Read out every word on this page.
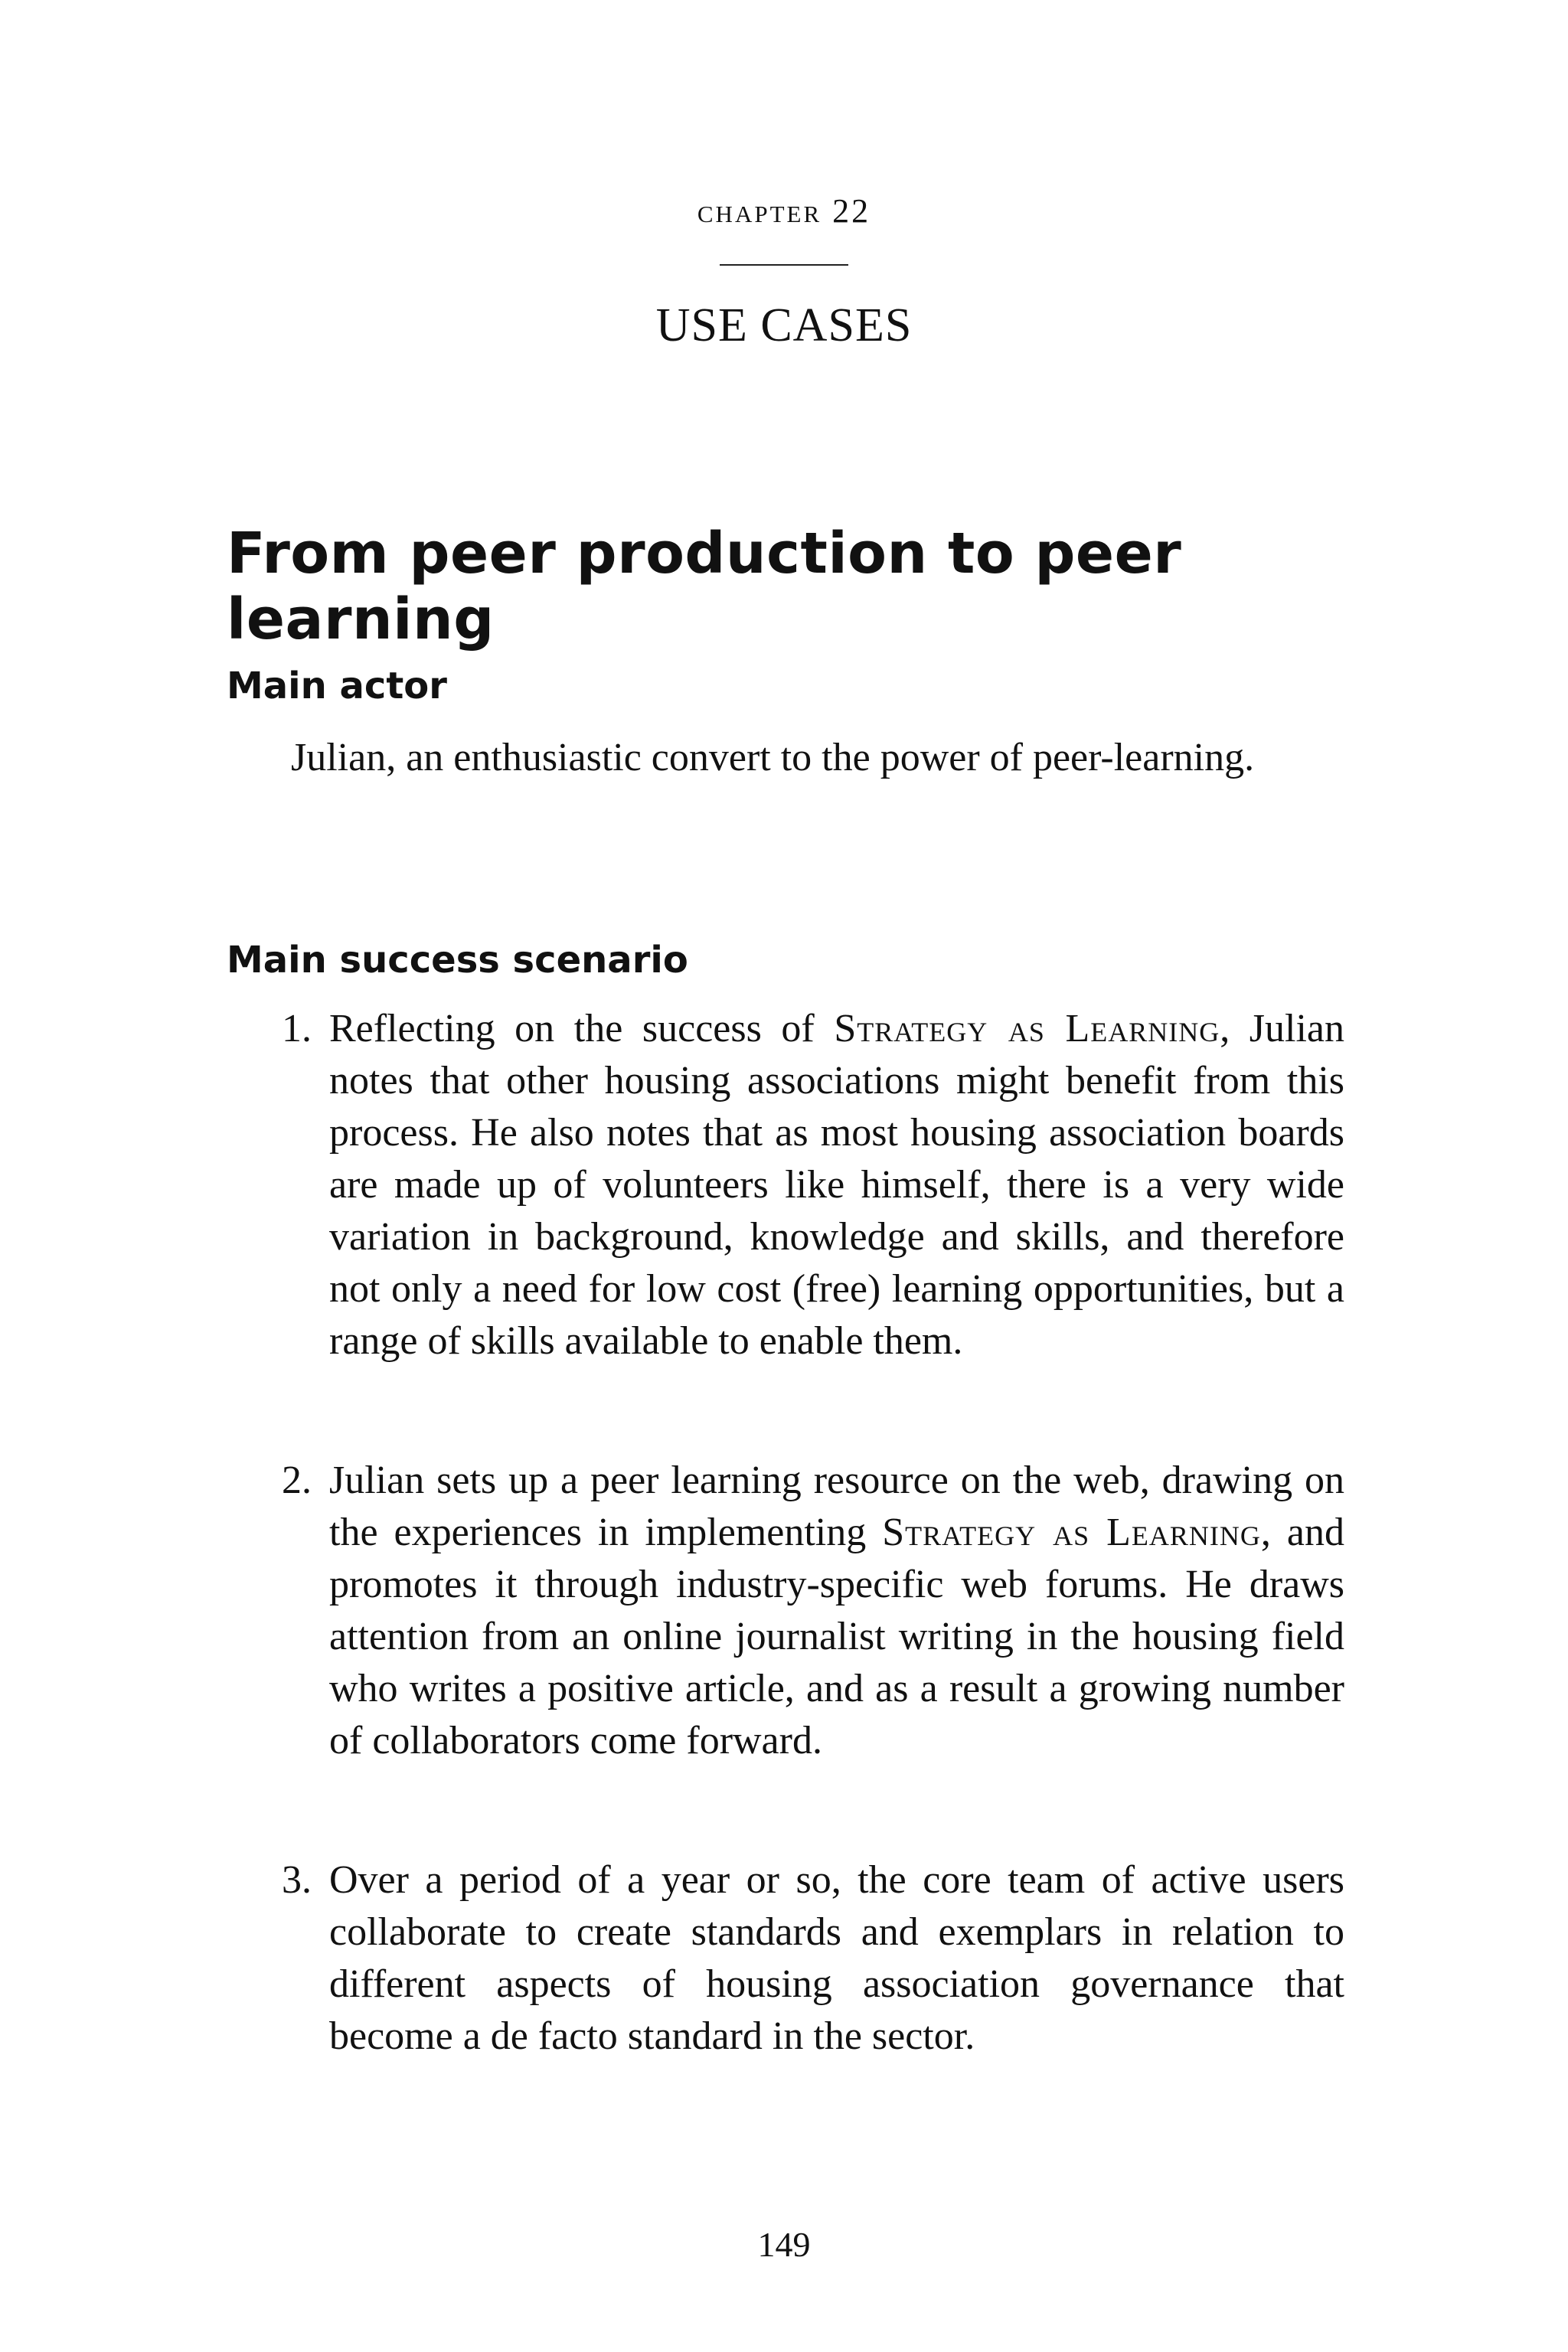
chapter 22
USE CASES
From peer production to peer learning
Main actor
Julian, an enthusiastic convert to the power of peer-learning.
Main success scenario
1. Reflecting on the success of Strategy as Learning, Julian notes that other housing associations might benefit from this process. He also notes that as most housing association boards are made up of volunteers like himself, there is a very wide variation in background, knowledge and skills, and therefore not only a need for low cost (free) learning opportunities, but a range of skills available to enable them.
2. Julian sets up a peer learning resource on the web, drawing on the experiences in implementing Strategy as Learning, and promotes it through industry-specific web forums. He draws attention from an online journalist writing in the housing field who writes a positive article, and as a result a growing number of collaborators come forward.
3. Over a period of a year or so, the core team of active users collaborate to create standards and exemplars in relation to different aspects of housing association governance that become a de facto standard in the sector.
149
